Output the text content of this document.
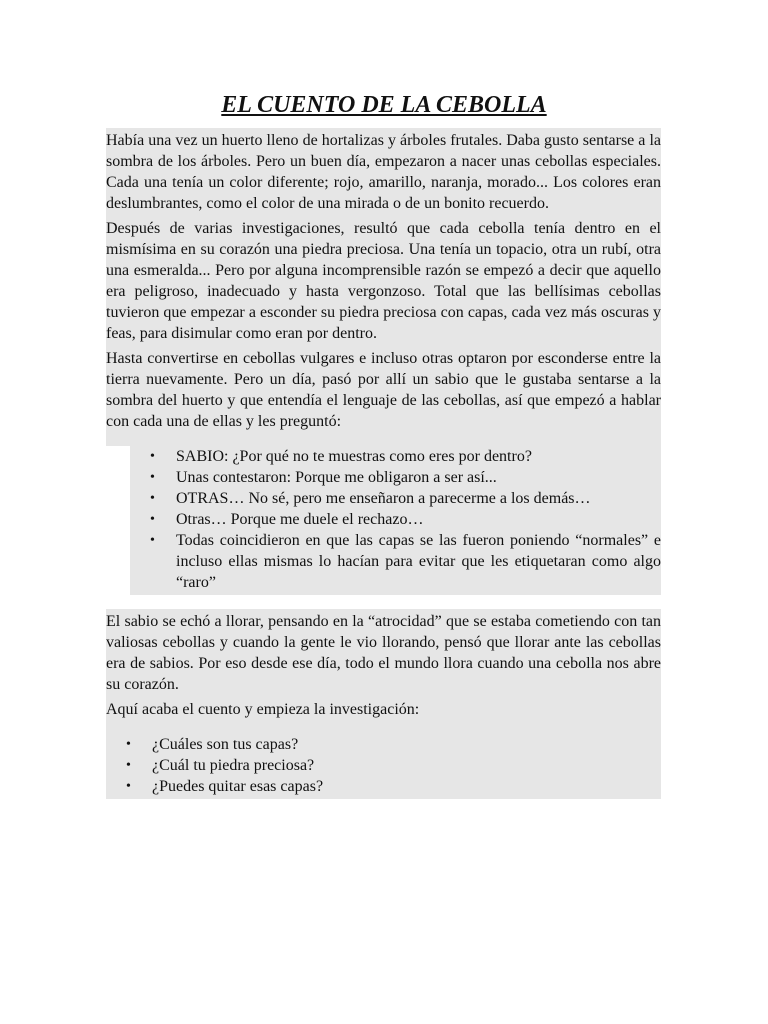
EL CUENTO DE LA CEBOLLA

Había una vez un huerto lleno de hortalizas y árboles frutales. Daba gusto sentarse a la sombra de los árboles. Pero un buen día, empezaron a nacer unas cebollas especiales. Cada una tenía un color diferente; rojo, amarillo, naranja, morado... Los colores eran deslumbrantes, como el color de una mirada o de un bonito recuerdo.

Después de varias investigaciones, resultó que cada cebolla tenía dentro en el mismísima en su corazón una piedra preciosa. Una tenía un topacio, otra un rubí, otra una esmeralda... Pero por alguna incomprensible razón se empezó a decir que aquello era peligroso, inadecuado y hasta vergonzoso. Total que las bellísimas cebollas tuvieron que empezar a esconder su piedra preciosa con capas, cada vez más oscuras y feas, para disimular como eran por dentro.

Hasta convertirse en cebollas vulgares e incluso otras optaron por esconderse entre la tierra nuevamente. Pero un día, pasó por allí un sabio que le gustaba sentarse a la sombra del huerto y que entendía el lenguaje de las cebollas, así que empezó a hablar con cada una de ellas y les preguntó:

• SABIO: ¿Por qué no te muestras como eres por dentro?
• Unas contestaron: Porque me obligaron a ser así...
• OTRAS… No sé, pero me enseñaron a parecerme a los demás…
• Otras… Porque me duele el rechazo…
• Todas coincidieron en que las capas se las fueron poniendo “normales” e incluso ellas mismas lo hacían para evitar que les etiquetaran como algo “raro”

El sabio se echó a llorar, pensando en la “atrocidad” que se estaba cometiendo con tan valiosas cebollas y cuando la gente le vio llorando, pensó que llorar ante las cebollas era de sabios. Por eso desde ese día, todo el mundo llora cuando una cebolla nos abre su corazón.

Aquí acaba el cuento y empieza la investigación:

• ¿Cuáles son tus capas?
• ¿Cuál tu piedra preciosa?
• ¿Puedes quitar esas capas?
